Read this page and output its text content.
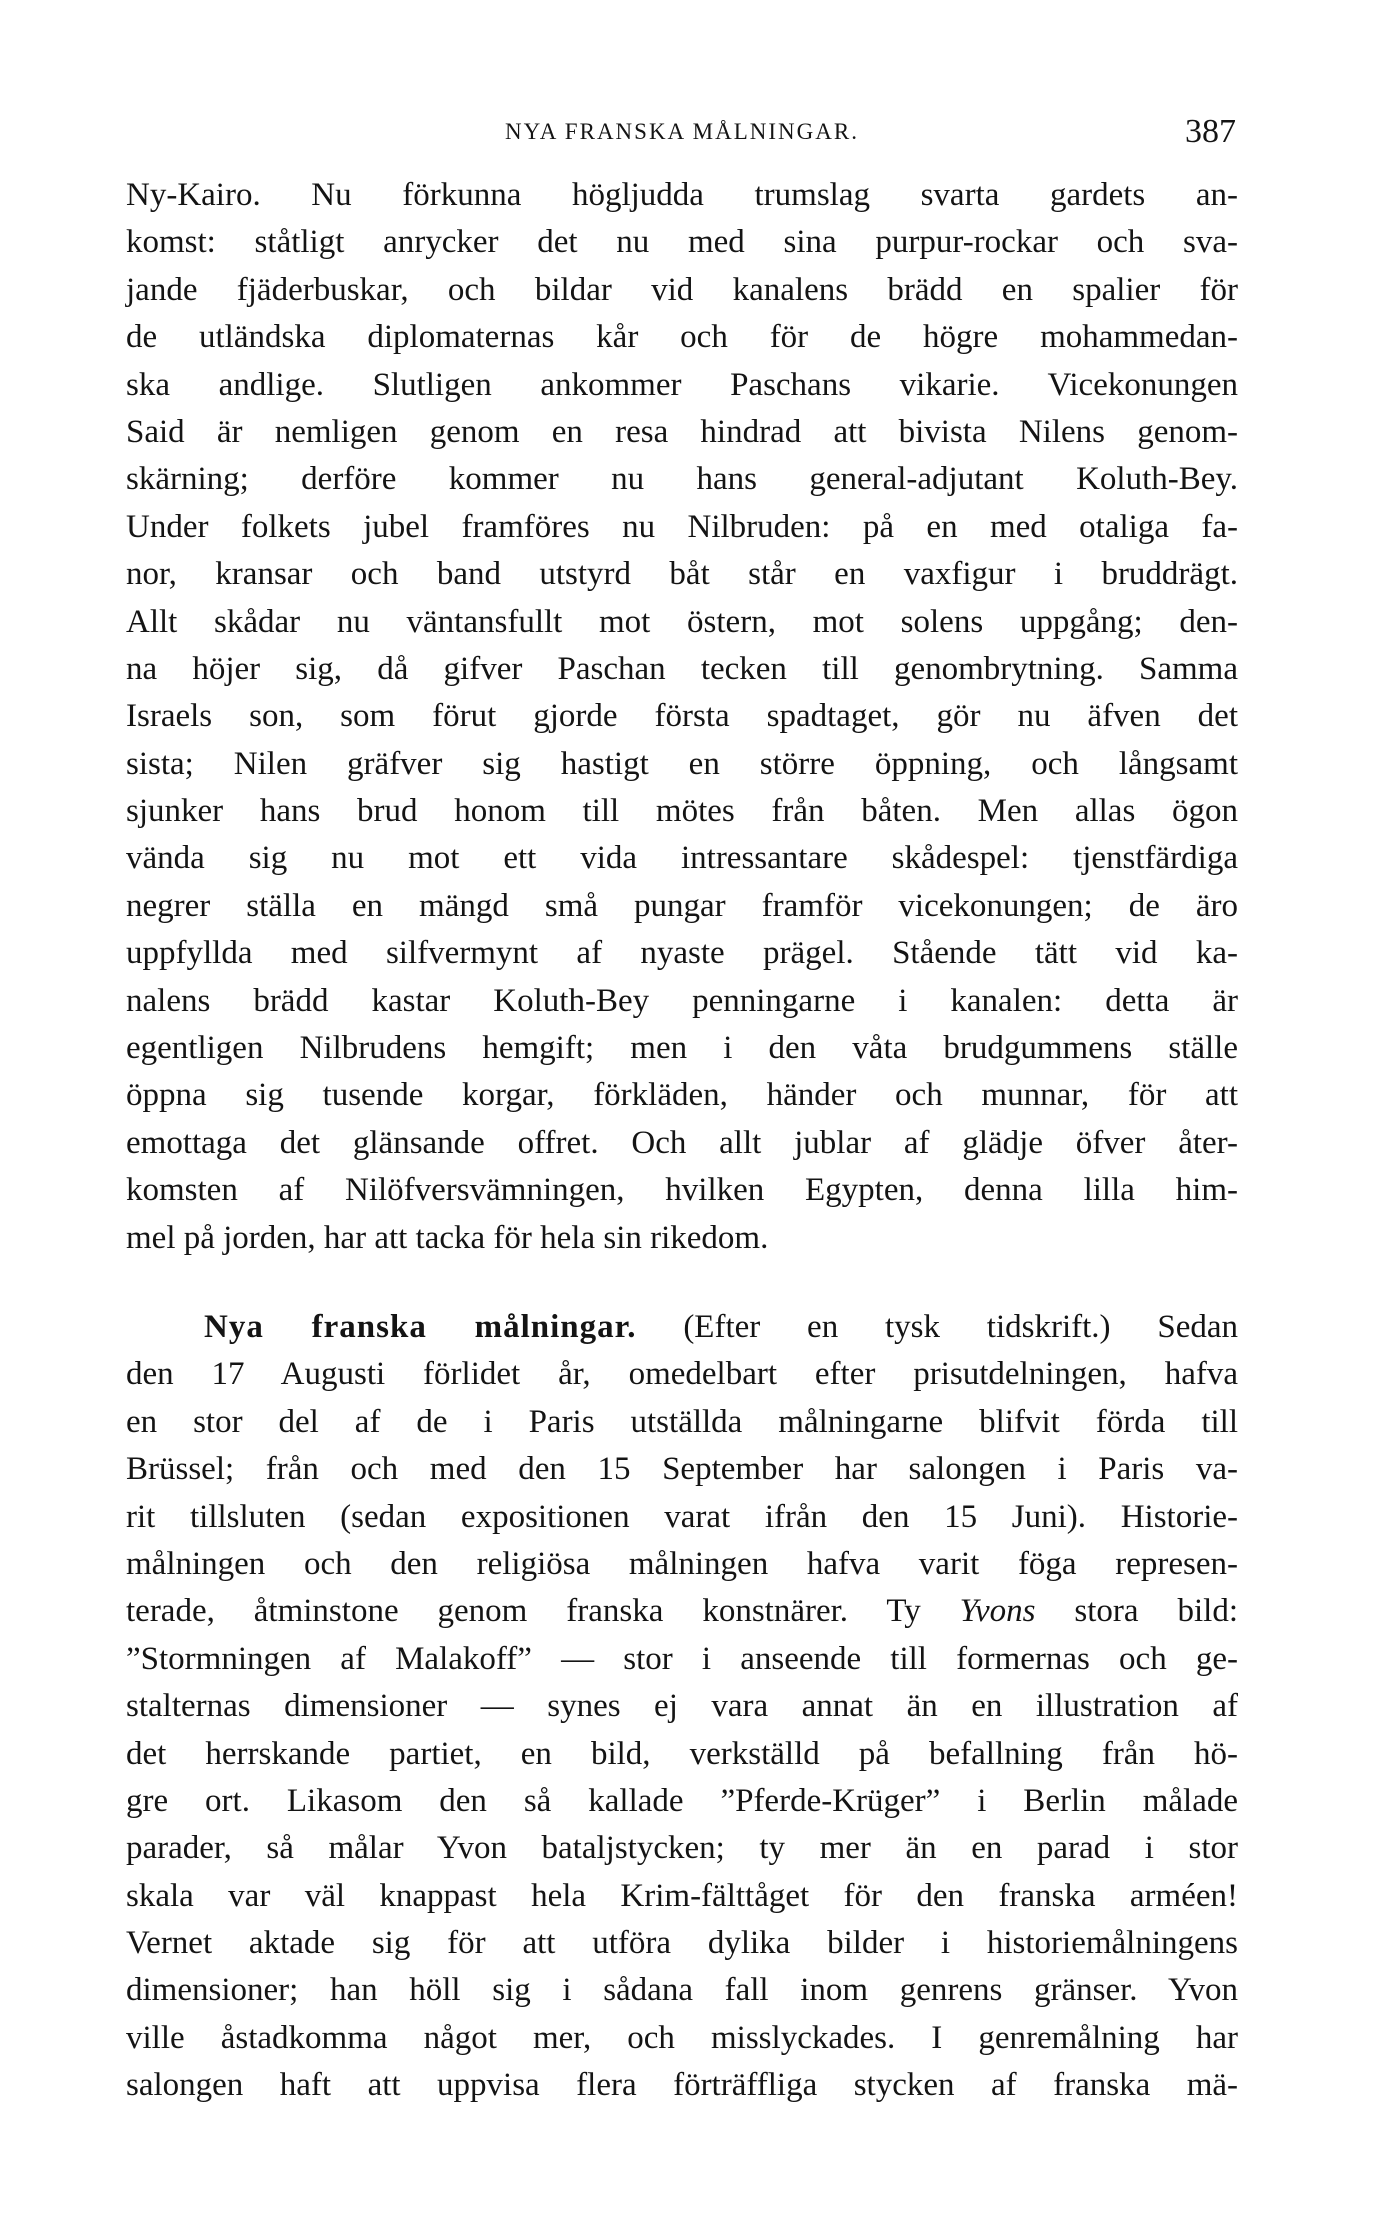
NYA FRANSKA MÅLNINGAR.	387
Ny-Kairo. Nu förkunna högljudda trumslag svarta gardets an-
komst: ståtligt anrycker det nu med sina purpur-rockar och sva-
jande fjäderbuskar, och bildar vid kanalens brädd en spalier för
de utländska diplomaternas kår och för de högre mohammedan-
ska andlige. Slutligen ankommer Paschans vikarie. Vicekonungen
Said är nemligen genom en resa hindrad att bivista Nilens genom-
skärning; derföre kommer nu hans general-adjutant Koluth-Bey.
Under folkets jubel framföres nu Nilbruden: på en med otaliga fa-
nor, kransar och band utstyrd båt står en vaxfigur i bruddrägt.
Allt skådar nu väntansfullt mot östern, mot solens uppgång; den-
na höjer sig, då gifver Paschan tecken till genombrytning. Samma
Israels son, som förut gjorde första spadtaget, gör nu äfven det
sista; Nilen gräfver sig hastigt en större öppning, och långsamt
sjunker hans brud honom till mötes från båten. Men allas ögon
vända sig nu mot ett vida intressantare skådespel: tjenstfärdiga
negrer ställa en mängd små pungar framför vicekonungen; de äro
uppfyllda med silfvermynt af nyaste prägel. Stående tätt vid ka-
nalens brädd kastar Koluth-Bey penningarne i kanalen: detta är
egentligen Nilbrudens hemgift; men i den våta brudgummens ställe
öppna sig tusende korgar, förkläden, händer och munnar, för att
emottaga det glänsande offret. Och allt jublar af glädje öfver åter-
komsten af Nilöfversvämningen, hvilken Egypten, denna lilla him-
mel på jorden, har att tacka för hela sin rikedom.
Nya franska målningar. (Efter en tysk tidskrift.) Sedan
den 17 Augusti förlidet år, omedelbart efter prisutdelningen, hafva
en stor del af de i Paris utställda målningarne blifvit förda till
Brüssel; från och med den 15 September har salongen i Paris va-
rit tillsluten (sedan expositionen varat ifrån den 15 Juni). Historie-
målningen och den religiösa målningen hafva varit föga represen-
terade, åtminstone genom franska konstnärer. Ty Yvons stora bild:
”Stormningen af Malakoff” — stor i anseende till formernas och ge-
stalternas dimensioner — synes ej vara annat än en illustration af
det herrskande partiet, en bild, verkställd på befallning från hö-
gre ort. Likasom den så kallade ”Pferde-Krüger” i Berlin målade
parader, så målar Yvon bataljstycken; ty mer än en parad i stor
skala var väl knappast hela Krim-fälttåget för den franska arméen!
Vernet aktade sig för att utföra dylika bilder i historiemålningens
dimensioner; han höll sig i sådana fall inom genrens gränser. Yvon
ville åstadkomma något mer, och misslyckades. I genremålning har
salongen haft att uppvisa flera förträffliga stycken af franska mä-
